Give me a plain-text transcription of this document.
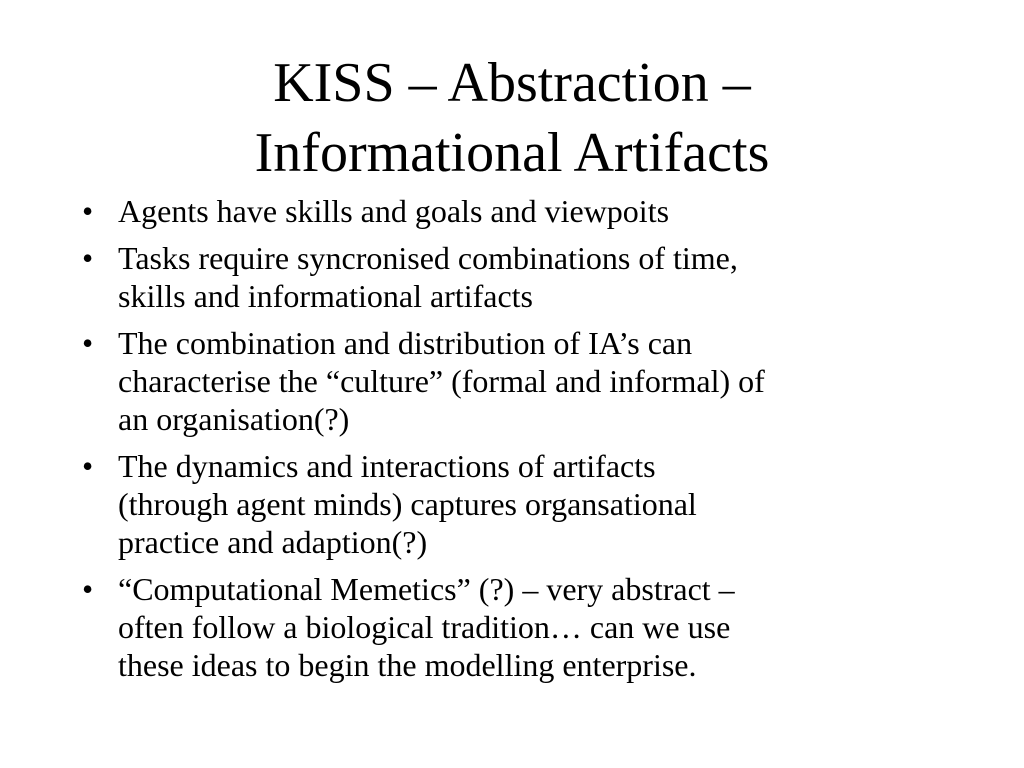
KISS – Abstraction –
Informational Artifacts
• Agents have skills and goals and viewpoits
• Tasks require syncronised combinations of time,
skills and informational artifacts
• The combination and distribution of IA’s can
characterise the “culture” (formal and informal) of
an organisation(?)
• The dynamics and interactions of artifacts
(through agent minds) captures organsational
practice and adaption(?)
• “Computational Memetics” (?) – very abstract –
often follow a biological tradition… can we use
these ideas to begin the modelling enterprise.
